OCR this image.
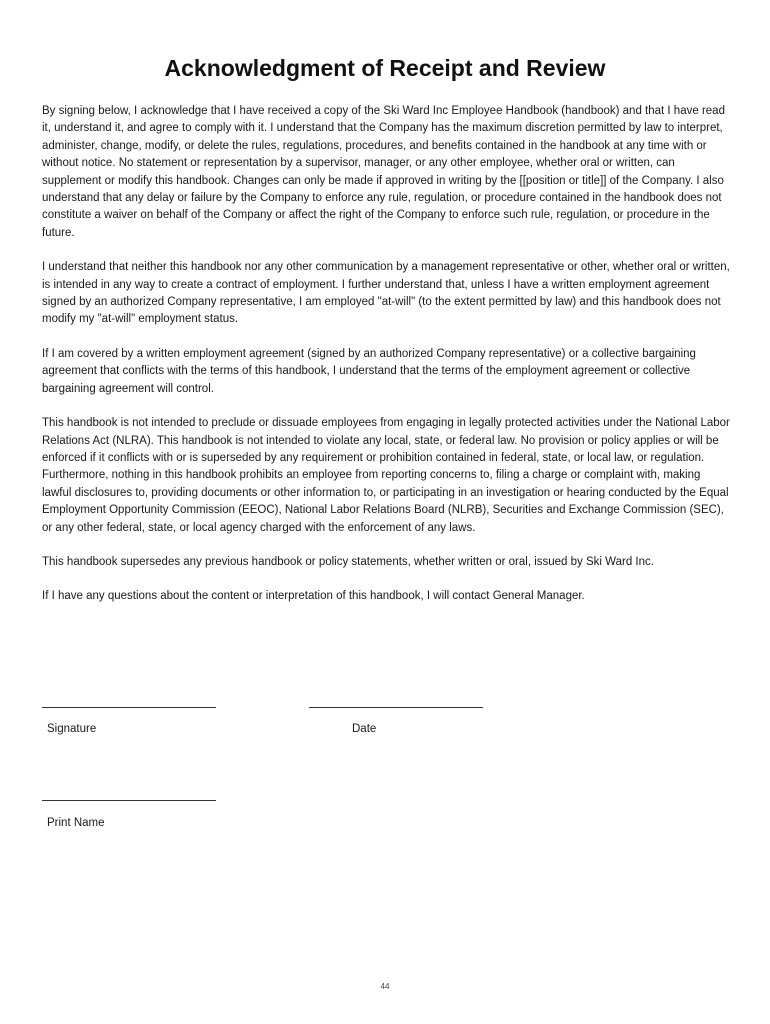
Acknowledgment of Receipt and Review

By signing below, I acknowledge that I have received a copy of the Ski Ward Inc Employee Handbook (handbook) and that I have read it, understand it, and agree to comply with it. I understand that the Company has the maximum discretion permitted by law to interpret, administer, change, modify, or delete the rules, regulations, procedures, and benefits contained in the handbook at any time with or without notice. No statement or representation by a supervisor, manager, or any other employee, whether oral or written, can supplement or modify this handbook. Changes can only be made if approved in writing by the [[position or title]] of the Company. I also understand that any delay or failure by the Company to enforce any rule, regulation, or procedure contained in the handbook does not constitute a waiver on behalf of the Company or affect the right of the Company to enforce such rule, regulation, or procedure in the future.

I understand that neither this handbook nor any other communication by a management representative or other, whether oral or written, is intended in any way to create a contract of employment. I further understand that, unless I have a written employment agreement signed by an authorized Company representative, I am employed "at-will" (to the extent permitted by law) and this handbook does not modify my "at-will" employment status.

If I am covered by a written employment agreement (signed by an authorized Company representative) or a collective bargaining agreement that conflicts with the terms of this handbook, I understand that the terms of the employment agreement or collective bargaining agreement will control.

This handbook is not intended to preclude or dissuade employees from engaging in legally protected activities under the National Labor Relations Act (NLRA). This handbook is not intended to violate any local, state, or federal law. No provision or policy applies or will be enforced if it conflicts with or is superseded by any requirement or prohibition contained in federal, state, or local law, or regulation. Furthermore, nothing in this handbook prohibits an employee from reporting concerns to, filing a charge or complaint with, making lawful disclosures to, providing documents or other information to, or participating in an investigation or hearing conducted by the Equal Employment Opportunity Commission (EEOC), National Labor Relations Board (NLRB), Securities and Exchange Commission (SEC), or any other federal, state, or local agency charged with the enforcement of any laws.

This handbook supersedes any previous handbook or policy statements, whether written or oral, issued by Ski Ward Inc.

If I have any questions about the content or interpretation of this handbook, I will contact General Manager.

Signature	Date
Print Name
44
